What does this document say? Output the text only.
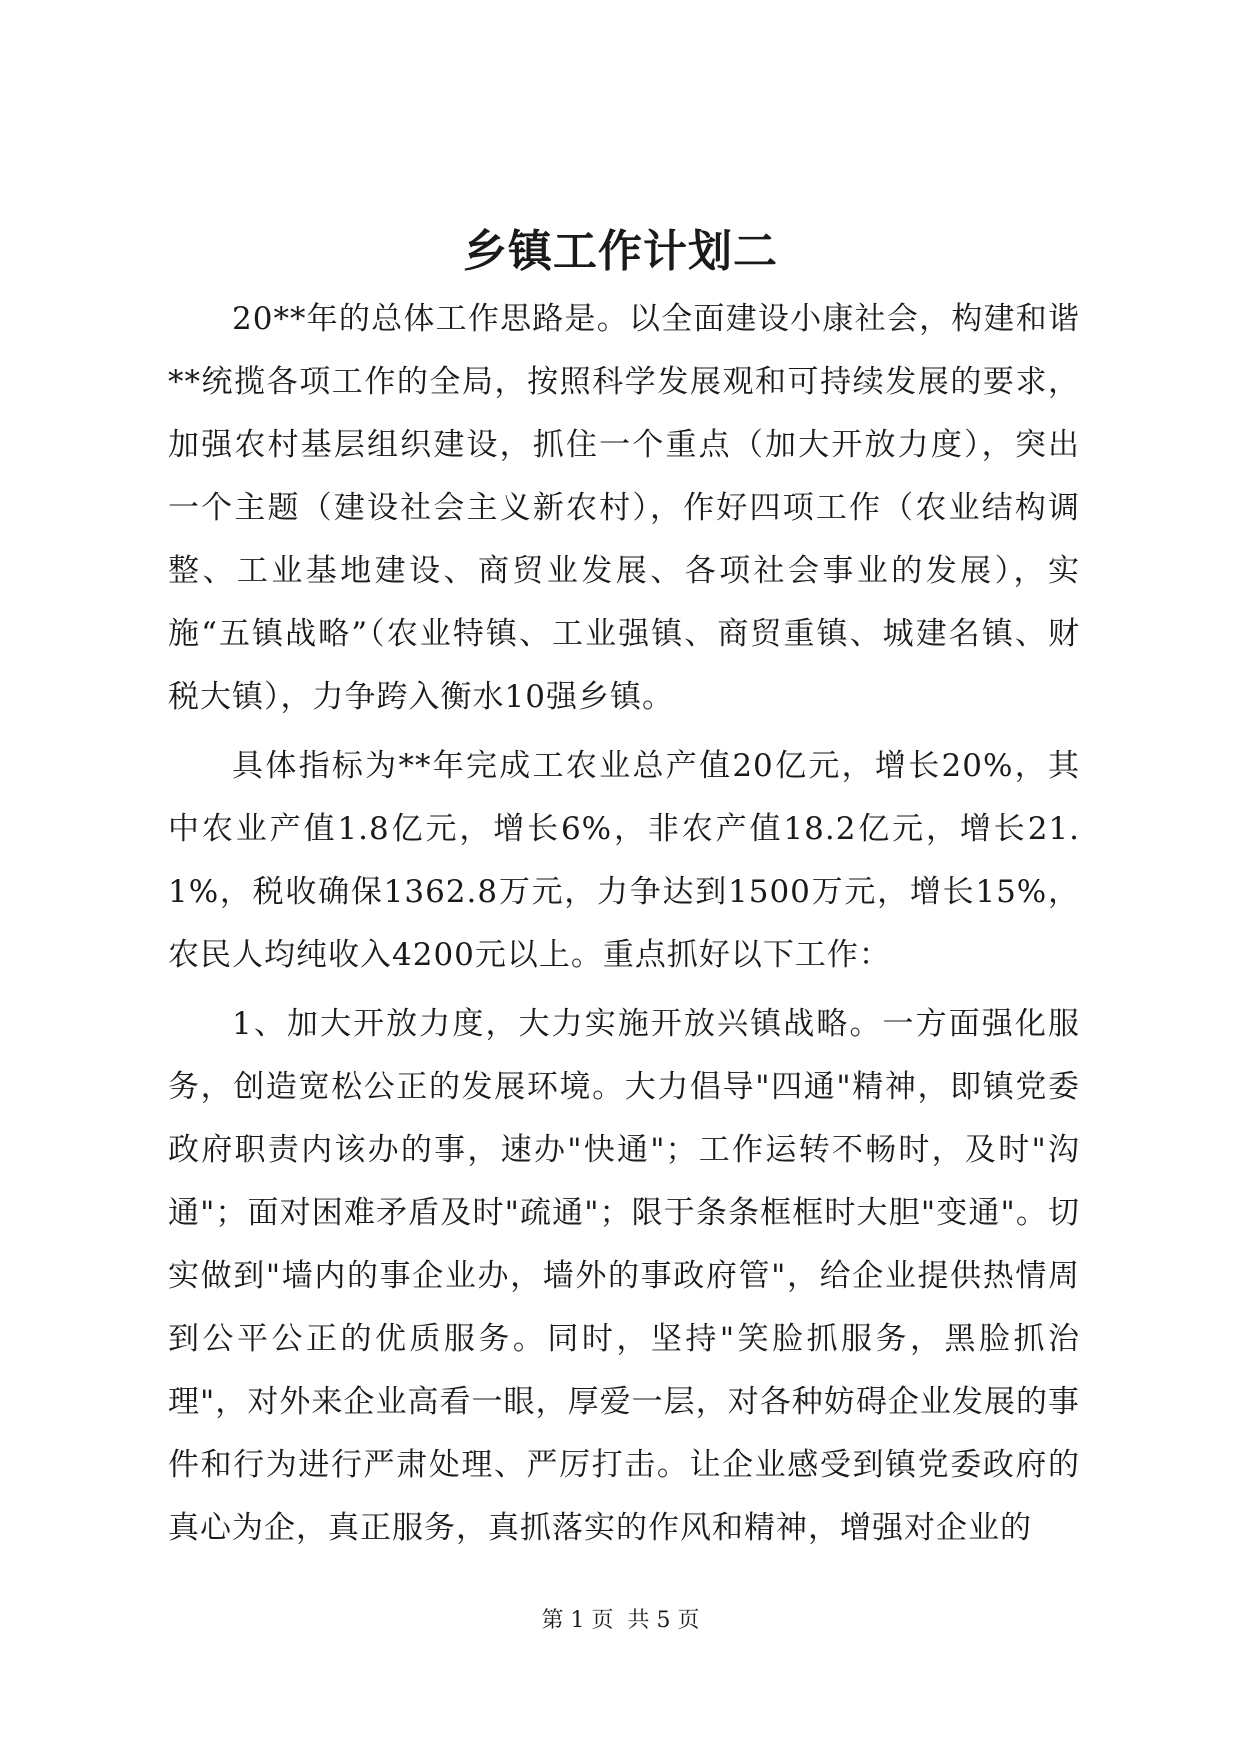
乡镇工作计划二

20**年的总体工作思路是。以全面建设小康社会，构建和谐**统揽各项工作的全局，按照科学发展观和可持续发展的要求，加强农村基层组织建设，抓住一个重点（加大开放力度），突出一个主题（建设社会主义新农村），作好四项工作（农业结构调整、工业基地建设、商贸业发展、各项社会事业的发展），实施“五镇战略”（农业特镇、工业强镇、商贸重镇、城建名镇、财税大镇），力争跨入衡水10强乡镇。

具体指标为**年完成工农业总产值20亿元，增长20%，其中农业产值1.8亿元，增长6%，非农产值18.2亿元，增长21.1%，税收确保1362.8万元，力争达到1500万元，增长15%，农民人均纯收入4200元以上。重点抓好以下工作：

1、加大开放力度，大力实施开放兴镇战略。一方面强化服务，创造宽松公正的发展环境。大力倡导"四通"精神，即镇党委政府职责内该办的事，速办"快通"；工作运转不畅时，及时"沟通"；面对困难矛盾及时"疏通"；限于条条框框时大胆"变通"。切实做到"墙内的事企业办，墙外的事政府管"，给企业提供热情周到公平公正的优质服务。同时，坚持"笑脸抓服务，黑脸抓治理"，对外来企业高看一眼，厚爱一层，对各种妨碍企业发展的事件和行为进行严肃处理、严厉打击。让企业感受到镇党委政府的真心为企，真正服务，真抓落实的作风和精神，增强对企业的

第 1 页  共 5 页
